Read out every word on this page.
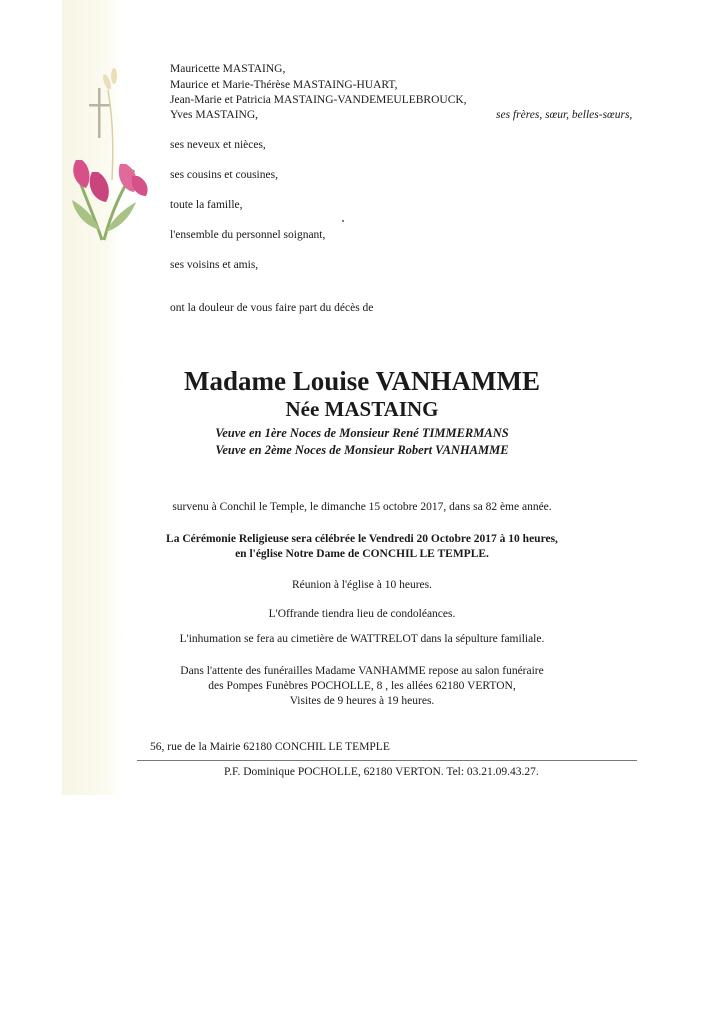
Mauricette MASTAING,
Maurice et Marie-Thérèse MASTAING-HUART,
Jean-Marie et Patricia MASTAING-VANDEMEULEBROUCK,
Yves MASTAING,	ses frères, sœur, belles-sœurs,
ses neveux et nièces,
ses cousins et cousines,
toute la famille,
l'ensemble du personnel soignant,
ses voisins et amis,
ont la douleur de vous faire part du décès de
Madame Louise VANHAMME
Née MASTAING
Veuve en 1ère Noces de Monsieur René TIMMERMANS
Veuve en 2ème Noces de Monsieur Robert VANHAMME
survenu à Conchil le Temple, le dimanche 15 octobre 2017, dans sa 82 ème année.
La Cérémonie Religieuse sera célébrée le Vendredi 20 Octobre 2017 à 10 heures,
en l'église Notre Dame de CONCHIL LE TEMPLE.
Réunion à l'église à 10 heures.
L'Offrande tiendra lieu de condoléances.
L'inhumation se fera au cimetière de WATTRELOT dans la sépulture familiale.
Dans l'attente des funérailles Madame VANHAMME repose au salon funéraire
des Pompes Funèbres POCHOLLE, 8 , les allées 62180 VERTON,
Visites de 9 heures à 19 heures.
56, rue de la Mairie 62180 CONCHIL LE TEMPLE
P.F. Dominique POCHOLLE, 62180 VERTON. Tel: 03.21.09.43.27.
